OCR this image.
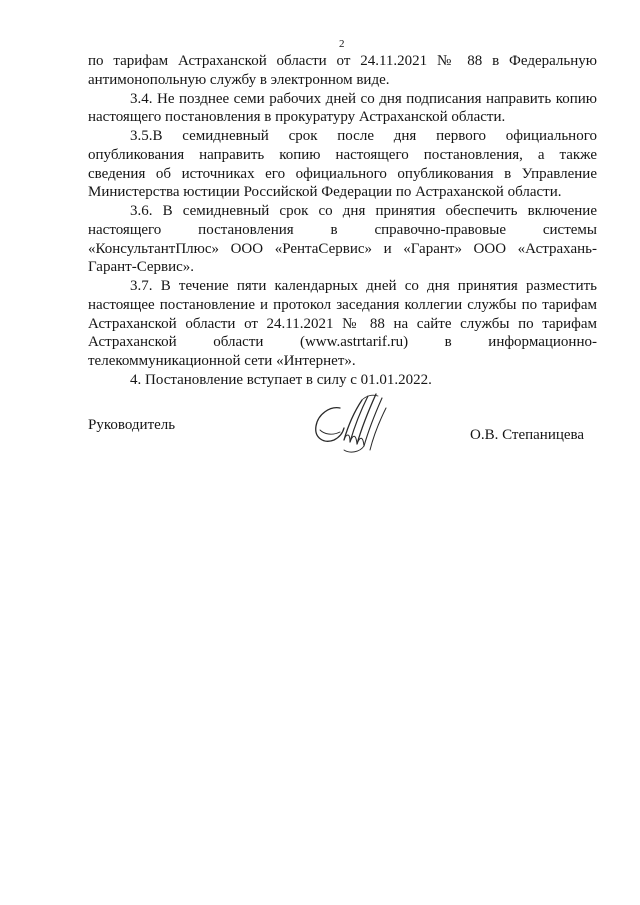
2
по тарифам Астраханской области от 24.11.2021 № 88 в Федеральную
антимонопольную службу в электронном виде.
3.4. Не позднее семи рабочих дней со дня подписания направить копию
настоящего постановления в прокуратуру Астраханской области.
3.5.В семидневный срок после дня первого официального
опубликования направить копию настоящего постановления, а также
сведения об источниках его официального опубликования в Управление
Министерства юстиции Российской Федерации по Астраханской области.
3.6. В семидневный срок со дня принятия обеспечить включение
настоящего постановления в справочно-правовые системы
«КонсультантПлюс» ООО «РентаСервис» и «Гарант» ООО «Астрахань-
Гарант-Сервис».
3.7. В течение пяти календарных дней со дня принятия разместить
настоящее постановление и протокол заседания коллегии службы по тарифам
Астраханской области от 24.11.2021 № 88 на сайте службы по тарифам
Астраханской области (www.astrtarif.ru) в информационно-
телекоммуникационной сети «Интернет».
4. Постановление вступает в силу с 01.01.2022.
Руководитель
О.В. Степаницева
